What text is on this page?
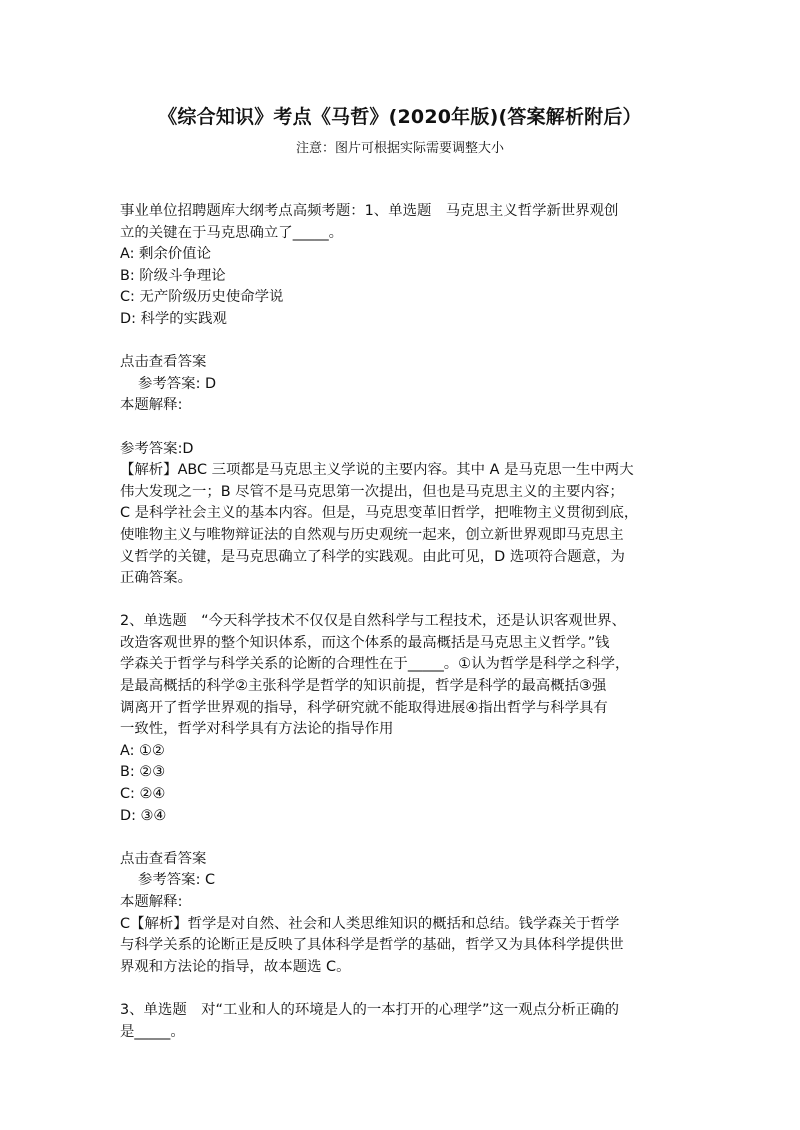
《综合知识》考点《马哲》(2020年版)(答案解析附后）
注意：图片可根据实际需要调整大小
事业单位招聘题库大纲考点高频考题：1、单选题　马克思主义哲学新世界观创
立的关键在于马克思确立了_____。
A: 剩余价值论
B: 阶级斗争理论
C: 无产阶级历史使命学说
D: 科学的实践观
点击查看答案
参考答案: D
本题解释:
参考答案:D
【解析】ABC 三项都是马克思主义学说的主要内容。其中 A 是马克思一生中两大
伟大发现之一；B 尽管不是马克思第一次提出，但也是马克思主义的主要内容；
C 是科学社会主义的基本内容。但是，马克思变革旧哲学，把唯物主义贯彻到底，
使唯物主义与唯物辩证法的自然观与历史观统一起来，创立新世界观即马克思主
义哲学的关键，是马克思确立了科学的实践观。由此可见，D 选项符合题意，为
正确答案。
2、单选题　“今天科学技术不仅仅是自然科学与工程技术，还是认识客观世界、
改造客观世界的整个知识体系，而这个体系的最高概括是马克思主义哲学。”钱
学森关于哲学与科学关系的论断的合理性在于_____。①认为哲学是科学之科学，
是最高概括的科学②主张科学是哲学的知识前提，哲学是科学的最高概括③强
调离开了哲学世界观的指导，科学研究就不能取得进展④指出哲学与科学具有
一致性，哲学对科学具有方法论的指导作用
A: ①②
B: ②③
C: ②④
D: ③④
点击查看答案
参考答案: C
本题解释:
C【解析】哲学是对自然、社会和人类思维知识的概括和总结。钱学森关于哲学
与科学关系的论断正是反映了具体科学是哲学的基础，哲学又为具体科学提供世
界观和方法论的指导，故本题选 C。
3、单选题　对“工业和人的环境是人的一本打开的心理学”这一观点分析正确的
是_____。
